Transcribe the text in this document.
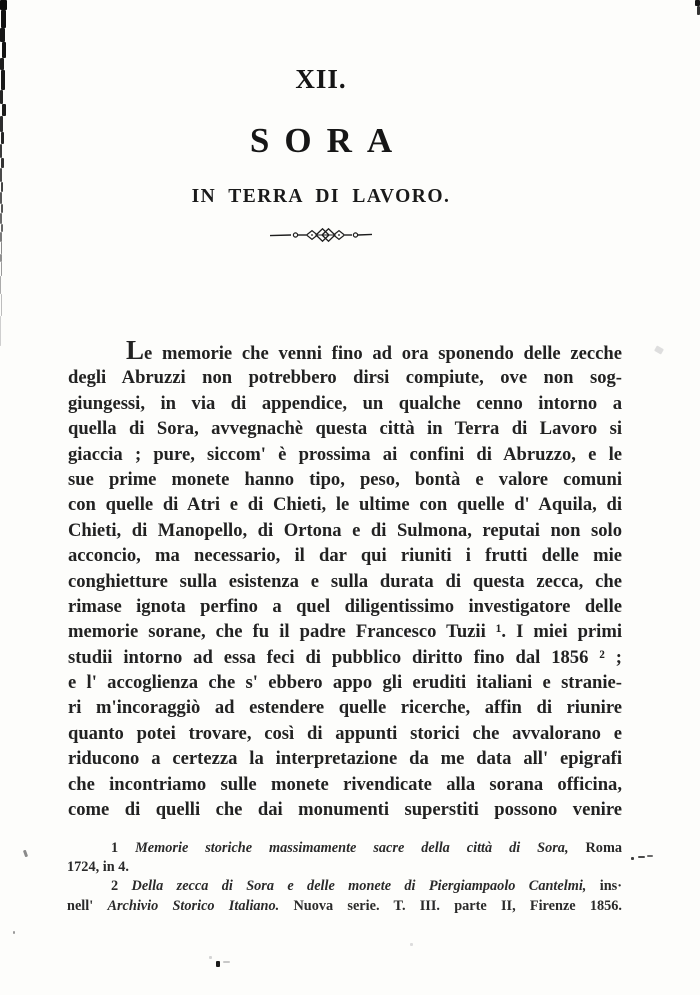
XII.
SORA
IN TERRA DI LAVORO.
Le memorie che venni fino ad ora sponendo delle zecche
degli Abruzzi non potrebbero dirsi compiute, ove non sog-
giungessi, in via di appendice, un qualche cenno intorno a
quella di Sora, avvegnachè questa città in Terra di Lavoro si
giaccia ; pure, siccom' è prossima ai confini di Abruzzo, e le
sue prime monete hanno tipo, peso, bontà e valore comuni
con quelle di Atri e di Chieti, le ultime con quelle d' Aquila, di
Chieti, di Manopello, di Ortona e di Sulmona, reputai non solo
acconcio, ma necessario, il dar qui riuniti i frutti delle mie
conghietture sulla esistenza e sulla durata di questa zecca, che
rimase ignota perfino a quel diligentissimo investigatore delle
memorie sorane, che fu il padre Francesco Tuzii ¹. I miei primi
studii intorno ad essa feci di pubblico diritto fino dal 1856 ² ;
e l' accoglienza che s' ebbero appo gli eruditi italiani e stranie-
ri m'incoraggiò ad estendere quelle ricerche, affin di riunire
quanto potei trovare, così di appunti storici che avvalorano e
riducono a certezza la interpretazione da me data all' epigrafi
che incontriamo sulle monete rivendicate alla sorana officina,
come di quelli che dai monumenti superstiti possono venire
1 Memorie storiche massimamente sacre della città di Sora, Roma
1724, in 4.
2 Della zecca di Sora e delle monete di Piergiampaolo Cantelmi, ins·
nell' Archivio Storico Italiano. Nuova serie. T. III. parte II, Firenze 1856.
